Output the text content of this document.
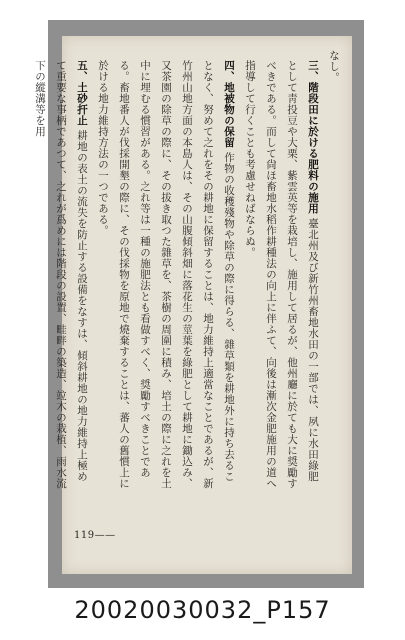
なし。

三、階段田に於ける肥料の施用 臺北州及び新竹州畜地水田の一部では、夙に水田綠肥として靑投豆や大栗、紫雲英等を栽培し、施用して居るが、他州廳に於ても大に奨勵すべきである。而して尙ほ畜地水稻作耕種法の向上に伴ふて、向後は漸次金肥施用の道へ指導して行くことも考慮せねばならぬ。

四、地被物の保留 作物の收穫殘物や除草の際に得らる、雜草類を耕地外に持ち去ることなく、努めて之れをその耕地に保留することは、地力維持上適當なことであるが、新竹州山地方面の本島人は、その山腹傾斜畑に落花生の莖葉を綠肥として耕地に鋤込み、又茶園の除草の際に、その拔き取つた雜草を、茶樹の周圍に積み、培土の際に之れを土中に埋むる慣習がある。之れ等は一種の施肥法とも看做すべく、奨勵すべきことである。畜地番人が伐採開墾の際に、その伐採物を原地で燒棄することは、蕃人の舊慣上に於ける地力維持方法の一つである。

五、土砂扞止 耕地の表土の流失を防止する設備をなすは、傾斜耕地の地力維持上極めて重要な事柄であつて、之れが爲めには階段の設置、畦畔の築造、竝木の栽植、雨水流下の縱溝等を用

119——
20020030032_P157
